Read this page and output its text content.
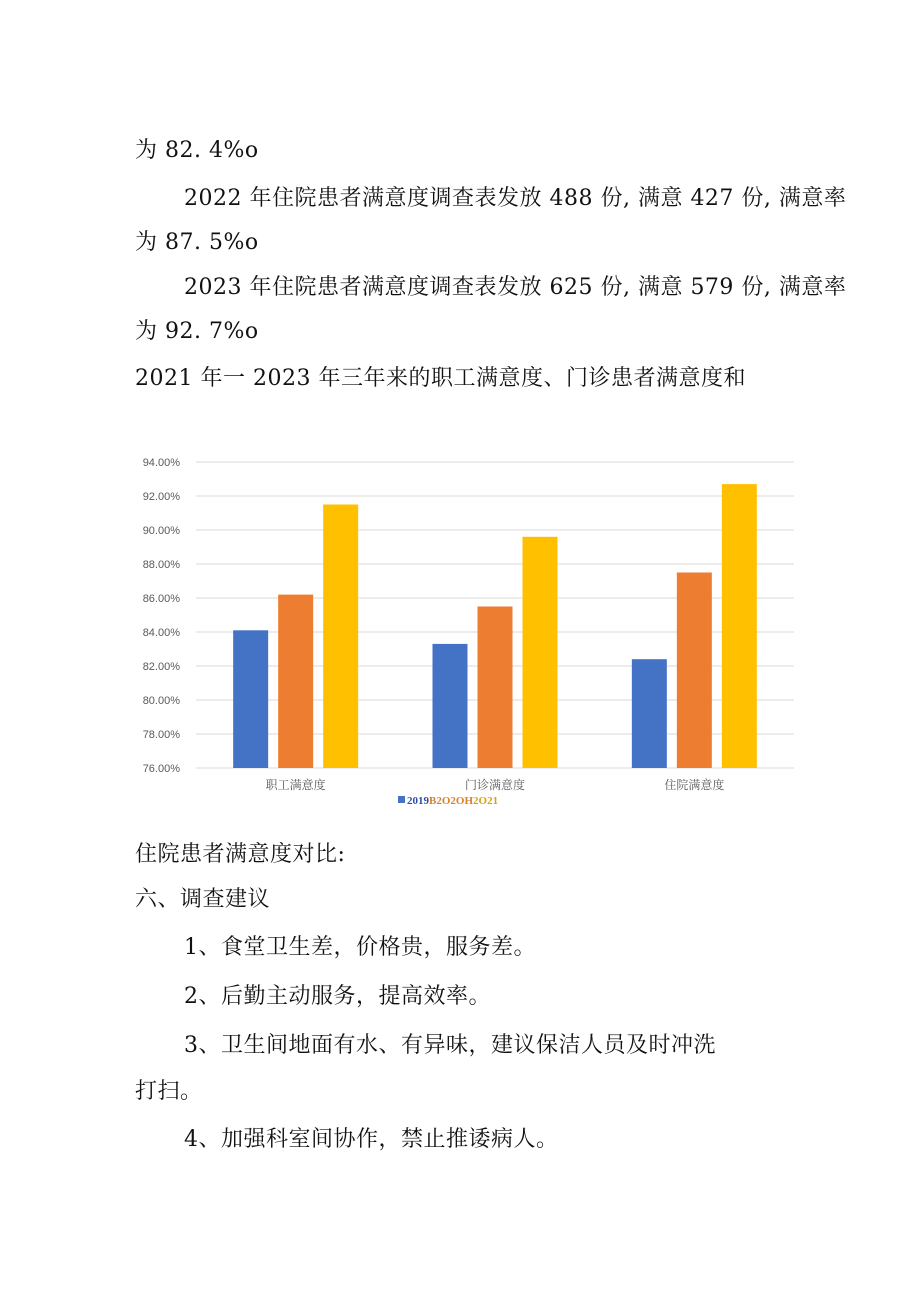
为 82. 4%o
2022 年住院患者满意度调查表发放 488 份, 满意 427 份, 满意率
为 87. 5%o
2023 年住院患者满意度调查表发放 625 份, 满意 579 份, 满意率
为 92. 7%o
2021 年一 2023 年三年来的职工满意度、门诊患者满意度和
76.00%
78.00%
80.00%
82.00%
84.00%
86.00%
88.00%
90.00%
92.00%
94.00%
职工满意度	门诊满意度	住院满意度
2019B2O2OH2O21
住院患者满意度对比:
六、调查建议
1、食堂卫生差，价格贵，服务差。
2、后勤主动服务，提高效率。
3、卫生间地面有水、有异味，建议保洁人员及时冲洗
打扫。
4、加强科室间协作，禁止推诿病人。
